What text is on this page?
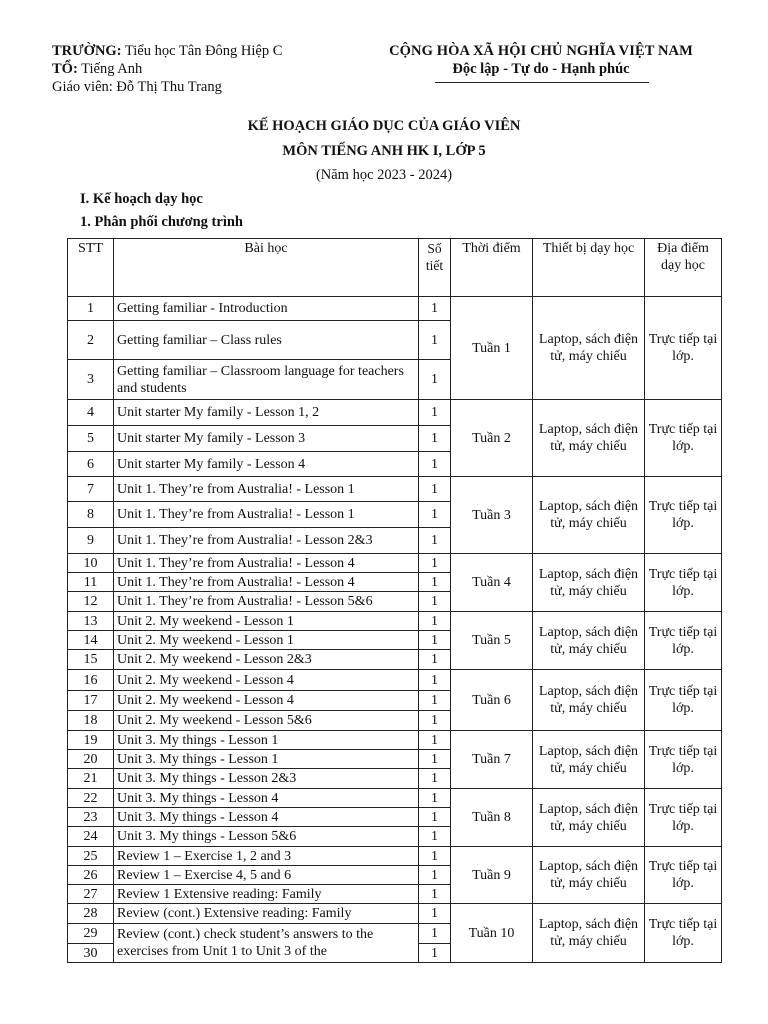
TRƯỜNG: Tiểu học Tân Đông Hiệp C
TỔ: Tiếng Anh
Giáo viên: Đỗ Thị Thu Trang
CỘNG HÒA XÃ HỘI CHỦ NGHĨA VIỆT NAM
Độc lập - Tự do - Hạnh phúc
KẾ HOẠCH GIÁO DỤC CỦA GIÁO VIÊN
MÔN TIẾNG ANH HK I, LỚP 5
(Năm học 2023 - 2024)
I. Kế hoạch dạy học
1. Phân phối chương trình
STT	Bài học	Số tiết	Thời điểm	Thiết bị dạy học	Địa điểm dạy học
1	Getting familiar - Introduction	1	Tuần 1	Laptop, sách điện tử, máy chiếu	Trực tiếp tại lớp.
2	Getting familiar – Class rules	1			
3	Getting familiar – Classroom language for teachers and students	1			
4	Unit starter My family - Lesson 1, 2	1	Tuần 2	Laptop, sách điện tử, máy chiếu	Trực tiếp tại lớp.
5	Unit starter My family - Lesson 3	1			
6	Unit starter My family - Lesson 4	1			
7	Unit 1. They’re from Australia! - Lesson 1	1	Tuần 3	Laptop, sách điện tử, máy chiếu	Trực tiếp tại lớp.
8	Unit 1. They’re from Australia! - Lesson 1	1			
9	Unit 1. They’re from Australia! - Lesson 2&3	1			
10	Unit 1. They’re from Australia! - Lesson 4	1	Tuần 4	Laptop, sách điện tử, máy chiếu	Trực tiếp tại lớp.
11	Unit 1. They’re from Australia! - Lesson 4	1			
12	Unit 1. They’re from Australia! - Lesson 5&6	1			
13	Unit 2. My weekend - Lesson 1	1	Tuần 5	Laptop, sách điện tử, máy chiếu	Trực tiếp tại lớp.
14	Unit 2. My weekend - Lesson 1	1			
15	Unit 2. My weekend - Lesson 2&3	1			
16	Unit 2. My weekend - Lesson 4	1	Tuần 6	Laptop, sách điện tử, máy chiếu	Trực tiếp tại lớp.
17	Unit 2. My weekend - Lesson 4	1			
18	Unit 2. My weekend - Lesson 5&6	1			
19	Unit 3. My things - Lesson 1	1	Tuần 7	Laptop, sách điện tử, máy chiếu	Trực tiếp tại lớp.
20	Unit 3. My things - Lesson 1	1			
21	Unit 3. My things - Lesson 2&3	1			
22	Unit 3. My things - Lesson 4	1	Tuần 8	Laptop, sách điện tử, máy chiếu	Trực tiếp tại lớp.
23	Unit 3. My things - Lesson 4	1			
24	Unit 3. My things - Lesson 5&6	1			
25	Review 1 – Exercise 1, 2 and 3	1	Tuần 9	Laptop, sách điện tử, máy chiếu	Trực tiếp tại lớp.
26	Review 1 – Exercise 4, 5 and 6	1			
27	Review 1 Extensive reading: Family	1			
28	Review (cont.) Extensive reading: Family	1	Tuần 10	Laptop, sách điện tử, máy chiếu	Trực tiếp tại lớp.
29	Review (cont.) check student’s answers to the exercises from Unit 1 to Unit 3 of the	1			
30		1			
